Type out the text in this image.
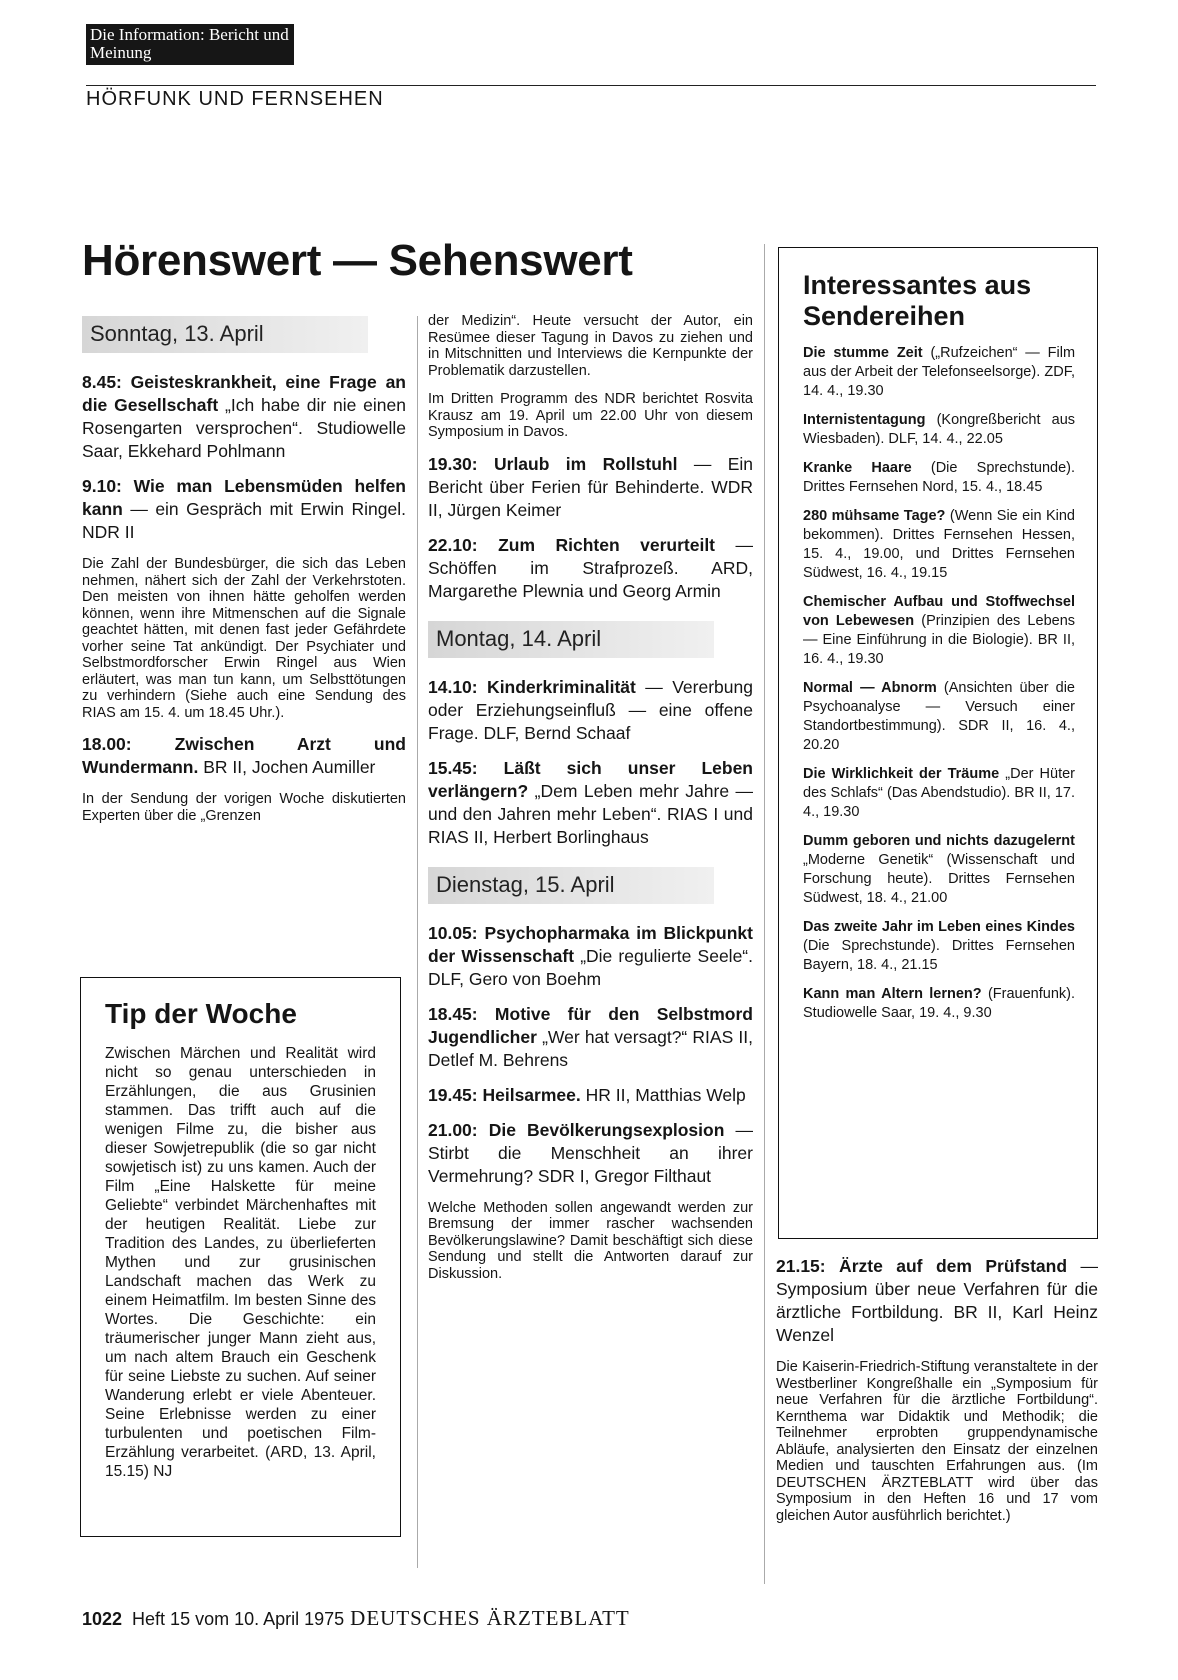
Die Information: Bericht und Meinung
HÖRFUNK UND FERNSEHEN
Hörenswert — Sehenswert
Sonntag, 13. April

8.45: Geisteskrankheit, eine Frage an die Gesellschaft „Ich habe dir nie einen Rosengarten versprochen“. Studiowelle Saar, Ekkehard Pohlmann

9.10: Wie man Lebensmüden helfen kann — ein Gespräch mit Erwin Ringel. NDR II

Die Zahl der Bundesbürger, die sich das Leben nehmen, nähert sich der Zahl der Verkehrstoten. Den meisten von ihnen hätte geholfen werden können, wenn ihre Mitmenschen auf die Signale geachtet hätten, mit denen fast jeder Gefährdete vorher seine Tat ankündigt. Der Psychiater und Selbstmordforscher Erwin Ringel aus Wien erläutert, was man tun kann, um Selbsttötungen zu verhindern (Siehe auch eine Sendung des RIAS am 15. 4. um 18.45 Uhr.).

18.00: Zwischen Arzt und Wundermann. BR II, Jochen Aumiller

In der Sendung der vorigen Woche diskutierten Experten über die „Grenzen

Tip der Woche

Zwischen Märchen und Realität wird nicht so genau unterschieden in Erzählungen, die aus Grusinien stammen. Das trifft auch auf die wenigen Filme zu, die bisher aus dieser Sowjetrepublik (die so gar nicht sowjetisch ist) zu uns kamen. Auch der Film „Eine Halskette für meine Geliebte“ verbindet Märchenhaftes mit der heutigen Realität. Liebe zur Tradition des Landes, zu überlieferten Mythen und zur grusinischen Landschaft machen das Werk zu einem Heimatfilm. Im besten Sinne des Wortes. Die Geschichte: ein träumerischer junger Mann zieht aus, um nach altem Brauch ein Geschenk für seine Liebste zu suchen. Auf seiner Wanderung erlebt er viele Abenteuer. Seine Erlebnisse werden zu einer turbulenten und poetischen Film-Erzählung verarbeitet. (ARD, 13. April, 15.15) NJ

der Medizin“. Heute versucht der Autor, ein Resümee dieser Tagung in Davos zu ziehen und in Mitschnitten und Interviews die Kernpunkte der Problematik darzustellen.

Im Dritten Programm des NDR berichtet Rosvita Krausz am 19. April um 22.00 Uhr von diesem Symposium in Davos.

19.30: Urlaub im Rollstuhl — Ein Bericht über Ferien für Behinderte. WDR II, Jürgen Keimer

22.10: Zum Richten verurteilt — Schöffen im Strafprozeß. ARD, Margarethe Plewnia und Georg Armin

Montag, 14. April

14.10: Kinderkriminalität — Vererbung oder Erziehungseinfluß — eine offene Frage. DLF, Bernd Schaaf

15.45: Läßt sich unser Leben verlängern? „Dem Leben mehr Jahre — und den Jahren mehr Leben“. RIAS I und RIAS II, Herbert Borlinghaus

Dienstag, 15. April

10.05: Psychopharmaka im Blickpunkt der Wissenschaft „Die regulierte Seele“. DLF, Gero von Boehm

18.45: Motive für den Selbstmord Jugendlicher „Wer hat versagt?“ RIAS II, Detlef M. Behrens

19.45: Heilsarmee. HR II, Matthias Welp

21.00: Die Bevölkerungsexplosion — Stirbt die Menschheit an ihrer Vermehrung? SDR I, Gregor Filthaut

Welche Methoden sollen angewandt werden zur Bremsung der immer rascher wachsenden Bevölkerungslawine? Damit beschäftigt sich diese Sendung und stellt die Antworten darauf zur Diskussion.

Interessantes aus Sendereihen

Die stumme Zeit („Rufzeichen“ — Film aus der Arbeit der Telefonseelsorge). ZDF, 14. 4., 19.30

Internistentagung (Kongreßbericht aus Wiesbaden). DLF, 14. 4., 22.05

Kranke Haare (Die Sprechstunde). Drittes Fernsehen Nord, 15. 4., 18.45

280 mühsame Tage? (Wenn Sie ein Kind bekommen). Drittes Fernsehen Hessen, 15. 4., 19.00, und Drittes Fernsehen Südwest, 16. 4., 19.15

Chemischer Aufbau und Stoffwechsel von Lebewesen (Prinzipien des Lebens — Eine Einführung in die Biologie). BR II, 16. 4., 19.30

Normal — Abnorm (Ansichten über die Psychoanalyse — Versuch einer Standortbestimmung). SDR II, 16. 4., 20.20

Die Wirklichkeit der Träume „Der Hüter des Schlafs“ (Das Abendstudio). BR II, 17. 4., 19.30

Dumm geboren und nichts dazugelernt „Moderne Genetik“ (Wissenschaft und Forschung heute). Drittes Fernsehen Südwest, 18. 4., 21.00

Das zweite Jahr im Leben eines Kindes (Die Sprechstunde). Drittes Fernsehen Bayern, 18. 4., 21.15

Kann man Altern lernen? (Frauenfunk). Studiowelle Saar, 19. 4., 9.30

21.15: Ärzte auf dem Prüfstand — Symposium über neue Verfahren für die ärztliche Fortbildung. BR II, Karl Heinz Wenzel

Die Kaiserin-Friedrich-Stiftung veranstaltete in der Westberliner Kongreßhalle ein „Symposium für neue Verfahren für die ärztliche Fortbildung“. Kernthema war Didaktik und Methodik; die Teilnehmer erprobten gruppendynamische Abläufe, analysierten den Einsatz der einzelnen Medien und tauschten Erfahrungen aus. (Im DEUTSCHEN ÄRZTEBLATT wird über das Symposium in den Heften 16 und 17 vom gleichen Autor ausführlich berichtet.)

1022 Heft 15 vom 10. April 1975 DEUTSCHES ÄRZTEBLATT
